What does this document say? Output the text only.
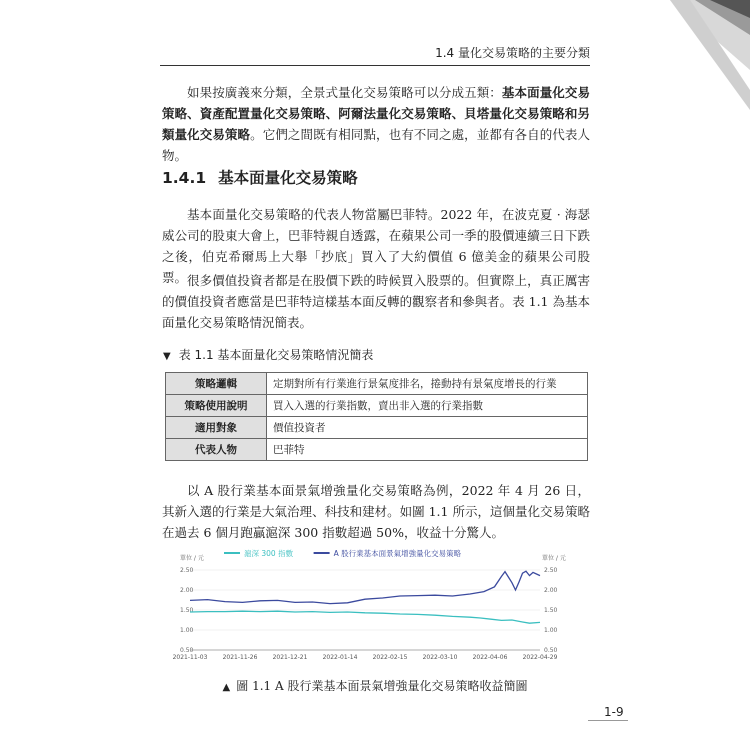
1.4 量化交易策略的主要分類

如果按廣義來分類，全景式量化交易策略可以分成五類：基本面量化交易策略、資產配置量化交易策略、阿爾法量化交易策略、貝塔量化交易策略和另類量化交易策略。它們之間既有相同點，也有不同之處，並都有各自的代表人物。

1.4.1 基本面量化交易策略

基本面量化交易策略的代表人物當屬巴菲特。2022 年，在波克夏 · 海瑟威公司的股東大會上，巴菲特親自透露，在蘋果公司一季的股價連續三日下跌之後，伯克希爾馬上大舉「抄底」買入了大約價值 6 億美金的蘋果公司股票。 很多價值投資者都是在股價下跌的時候買入股票的。但實際上，真正厲害的價值投資者應當是巴菲特這樣基本面反轉的觀察者和參與者。表 1.1 為基本面量化交易策略情況簡表。

▼ 表 1.1 基本面量化交易策略情況簡表
策略邏輯	定期對所有行業進行景氣度排名，捲動持有景氣度增長的行業
策略使用說明	買入入選的行業指數，賣出非入選的行業指數
適用對象	價值投資者
代表人物	巴菲特

以 A 股行業基本面景氣增強量化交易策略為例，2022 年 4 月 26 日，其新入選的行業是大氣治理、科技和建材。如圖 1.1 所示，這個量化交易策略在過去 6 個月跑贏滬深 300 指數超過 50%，收益十分驚人。

單位 / 元	單位 / 元
2.50	2.50
2.00	2.00
1.50	1.50
1.00	1.00
0.50	0.50
2021-11-03	2021-11-26	2021-12-21	2022-01-14	2022-02-15	2022-03-10	2022-04-06	2022-04-29
滬深 300 指數	A 股行業基本面景氣增強量化交易策略
▲ 圖 1.1 A 股行業基本面景氣增強量化交易策略收益簡圖
1-9
